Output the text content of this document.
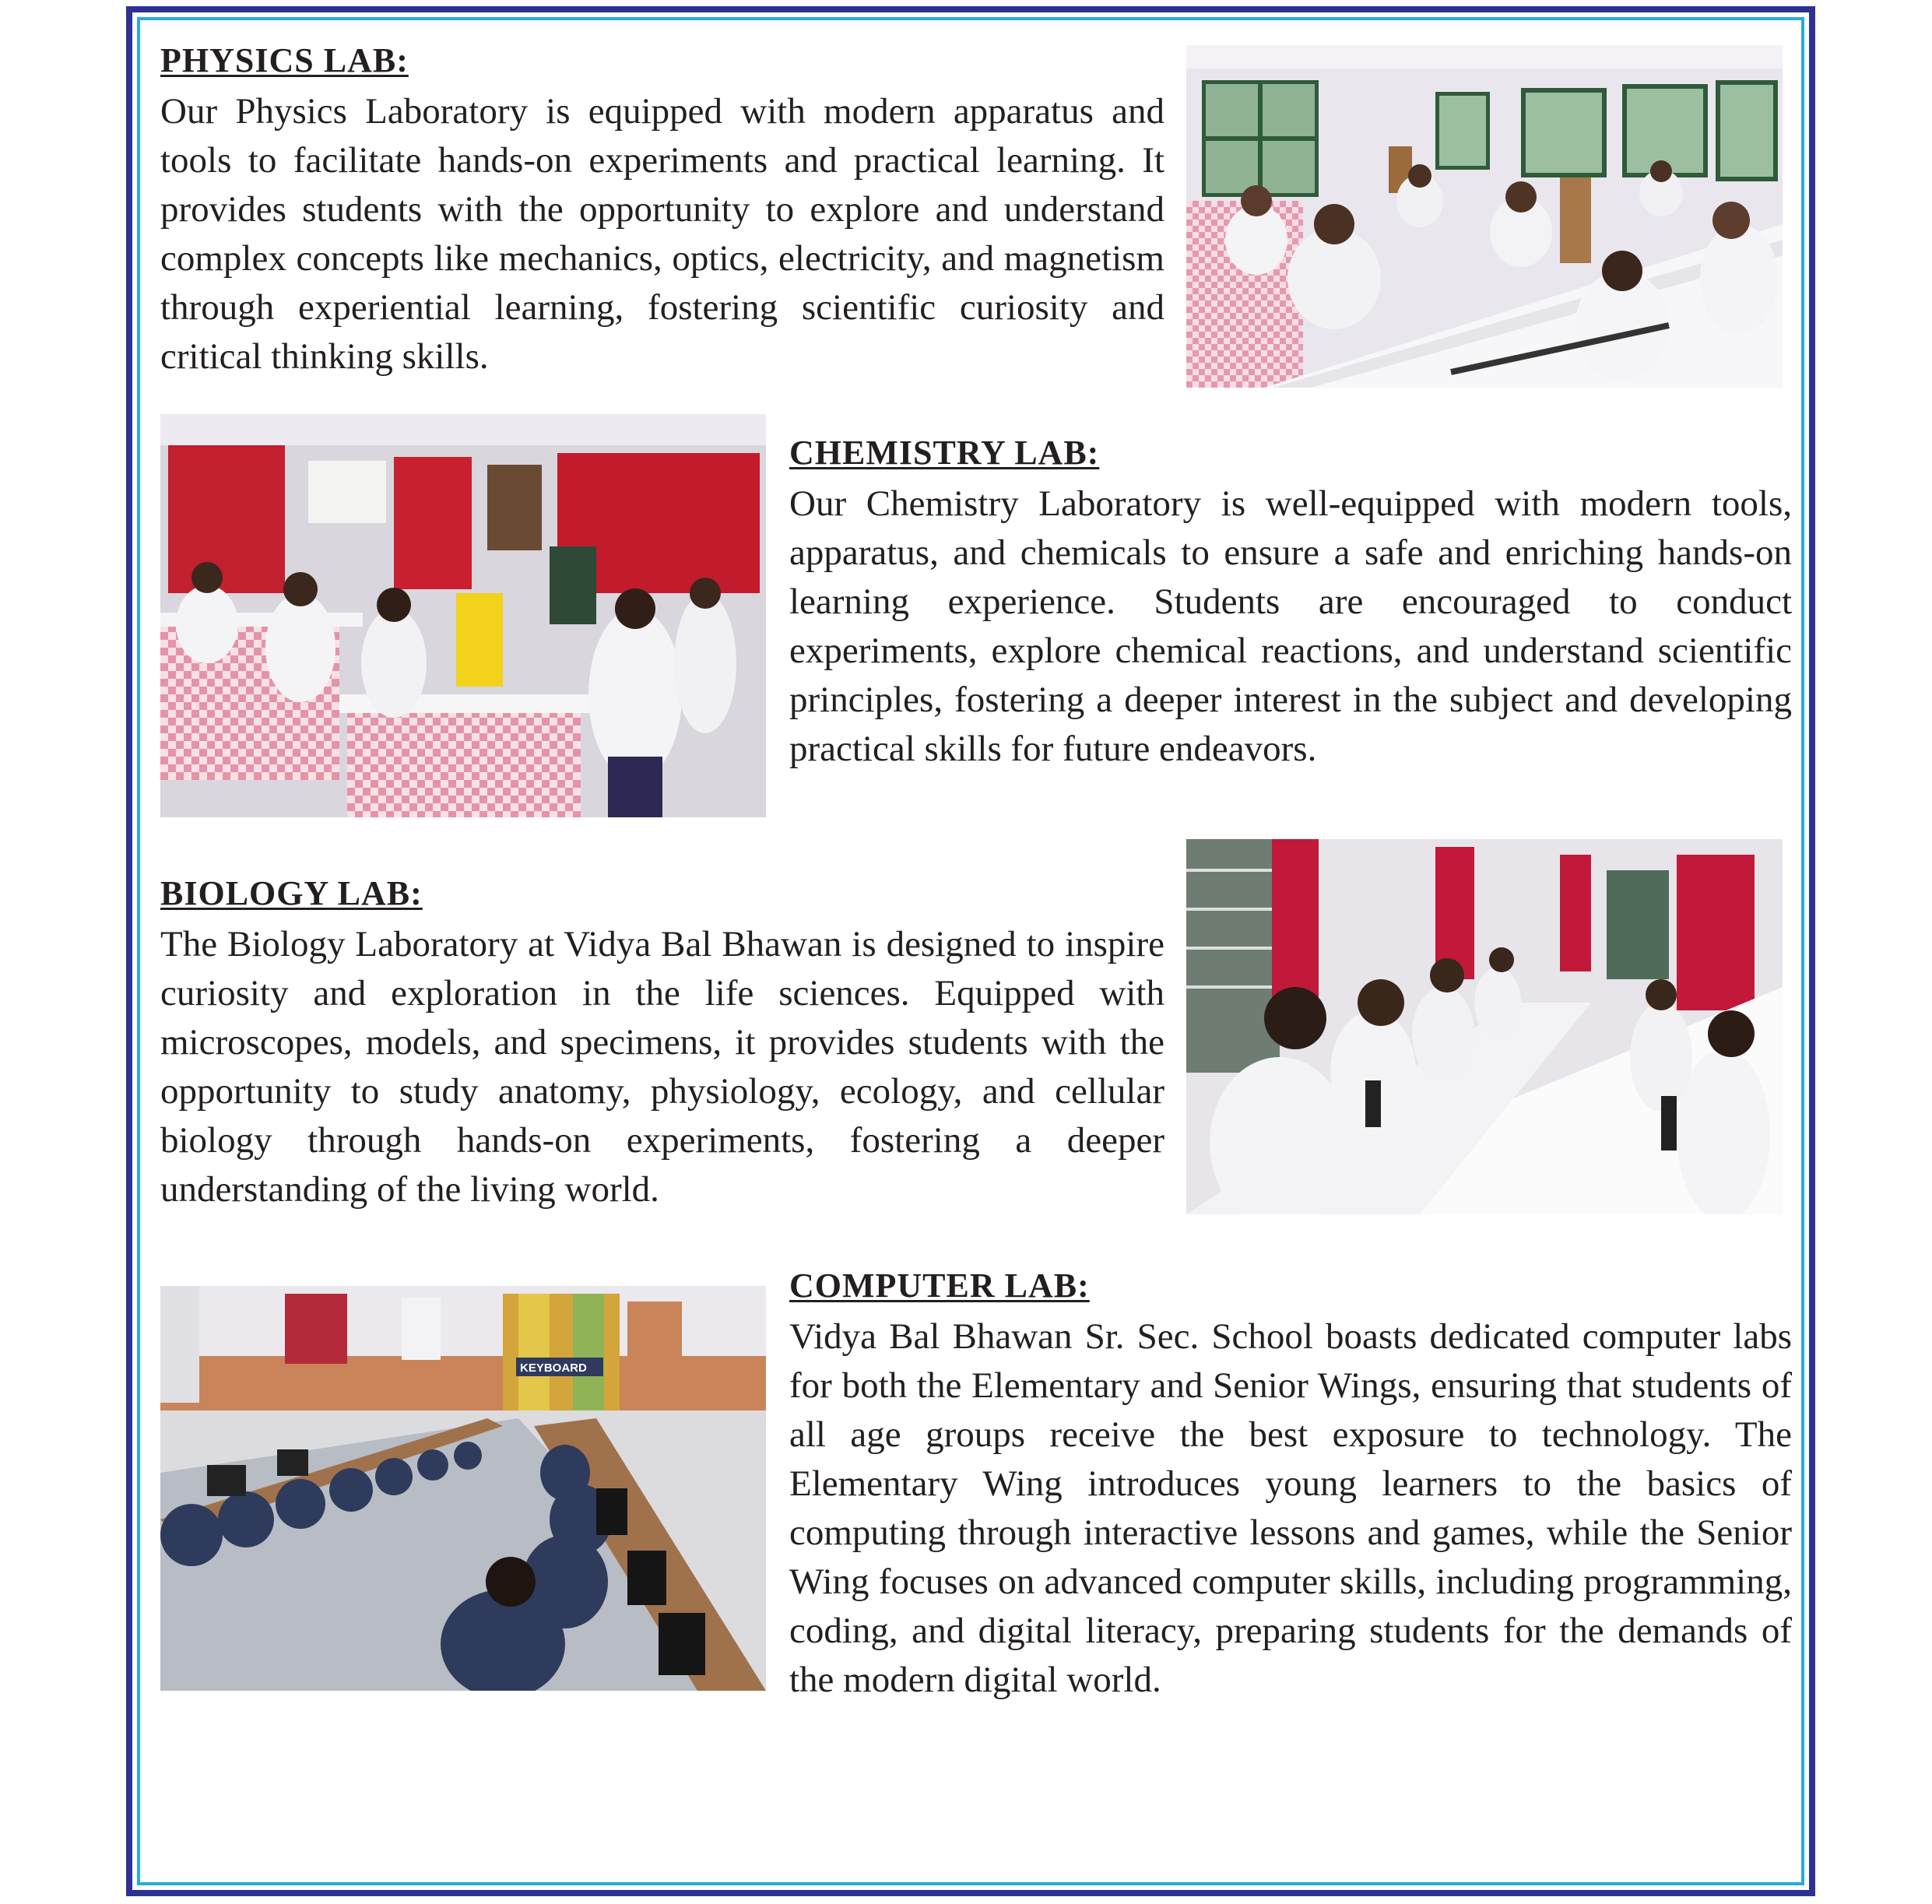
PHYSICS LAB:

Our Physics Laboratory is equipped with modern apparatus and tools to facilitate hands-on experiments and practical learning. It provides students with the opportunity to explore and understand complex concepts like mechanics, optics, electricity, and magnetism through experiential learning, fostering scientific curiosity and critical thinking skills.

CHEMISTRY LAB:

Our Chemistry Laboratory is well-equipped with modern tools, apparatus, and chemicals to ensure a safe and enriching hands-on learning experience. Students are encouraged to conduct experiments, explore chemical reactions, and understand scientific principles, fostering a deeper interest in the subject and developing practical skills for future endeavors.

BIOLOGY LAB:

The Biology Laboratory at Vidya Bal Bhawan is designed to inspire curiosity and exploration in the life sciences. Equipped with microscopes, models, and specimens, it provides students with the opportunity to study anatomy, physiology, ecology, and cellular biology through hands-on experiments, fostering a deeper understanding of the living world.

KEYBOARD
COMPUTER LAB:

Vidya Bal Bhawan Sr. Sec. School boasts dedicated computer labs for both the Elementary and Senior Wings, ensuring that students of all age groups receive the best exposure to technology. The Elementary Wing introduces young learners to the basics of computing through interactive lessons and games, while the Senior Wing focuses on advanced computer skills, including programming, coding, and digital literacy, preparing students for the demands of the modern digital world.
